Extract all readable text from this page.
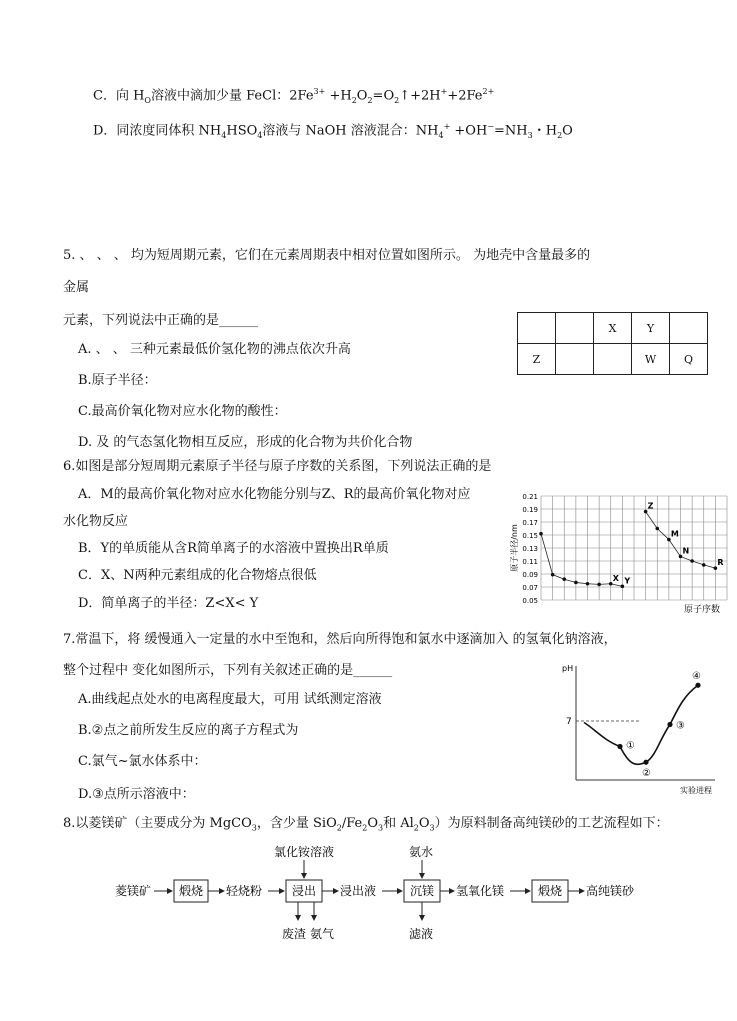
C．向 $H_O$溶液中滴加少量 FeCl：$2Fe^{3+}$ $+H_2O_2=O_2↑+2H^++2Fe^{2+}$
D．同浓度同体积 $NH_4HSO_4$溶液与 NaOH 溶液混合：$NH_4^+ +OH^-=NH_3$・$H_2O$
5. 、 、 、 均为短周期元素，它们在元素周期表中相对位置如图所示。 为地壳中含量最多的
金属
元素，下列说法中正确的是______
A. 、 、 三种元素最低价氢化物的沸点依次升高
B.原子半径：
C.最高价氧化物对应水化物的酸性：
D. 及 的气态氢化物相互反应，形成的化合物为共价化合物
		X	Y	
Z			W	Q
6.如图是部分短周期元素原子半径与原子序数的关系图，下列说法正确的是
A．M的最高价氧化物对应水化物能分别与Z、R的最高价氧化物对应
水化物反应
B．Y的单质能从含R简单离子的水溶液中置换出R单质
C．X、N两种元素组成的化合物熔点很低
D．简单离子的半径：Z<X< Y
0.21
0.19
0.17
0.15
0.13
0.11
0.09
0.07
0.05
X Y
Z
M
N
R
原子半径/nm
原子序数
7.常温下，将 缓慢通入一定量的水中至饱和，然后向所得饱和氯水中逐滴加入 的氢氧化钠溶液，
整个过程中 变化如图所示，下列有关叙述正确的是______
A.曲线起点处水的电离程度最大，可用 试纸测定溶液
B.②点之前所发生反应的离子方程式为
C.氯气~氯水体系中：
D.③点所示溶液中：
pH
7
①
②
③
④
实验进程
8.以菱镁矿（主要成分为 MgCO$_3$，含少量 $SiO_2/Fe_2O_3$和 $Al_2O_3$）为原料制备高纯镁砂的工艺流程如下：
菱镁矿 煅烧 轻烧粉 浸出
氯化铵溶液
废渣 氨气
浸出液	沉镁
氨水
滤液
氢氧化镁	煅烧 高纯镁砂
